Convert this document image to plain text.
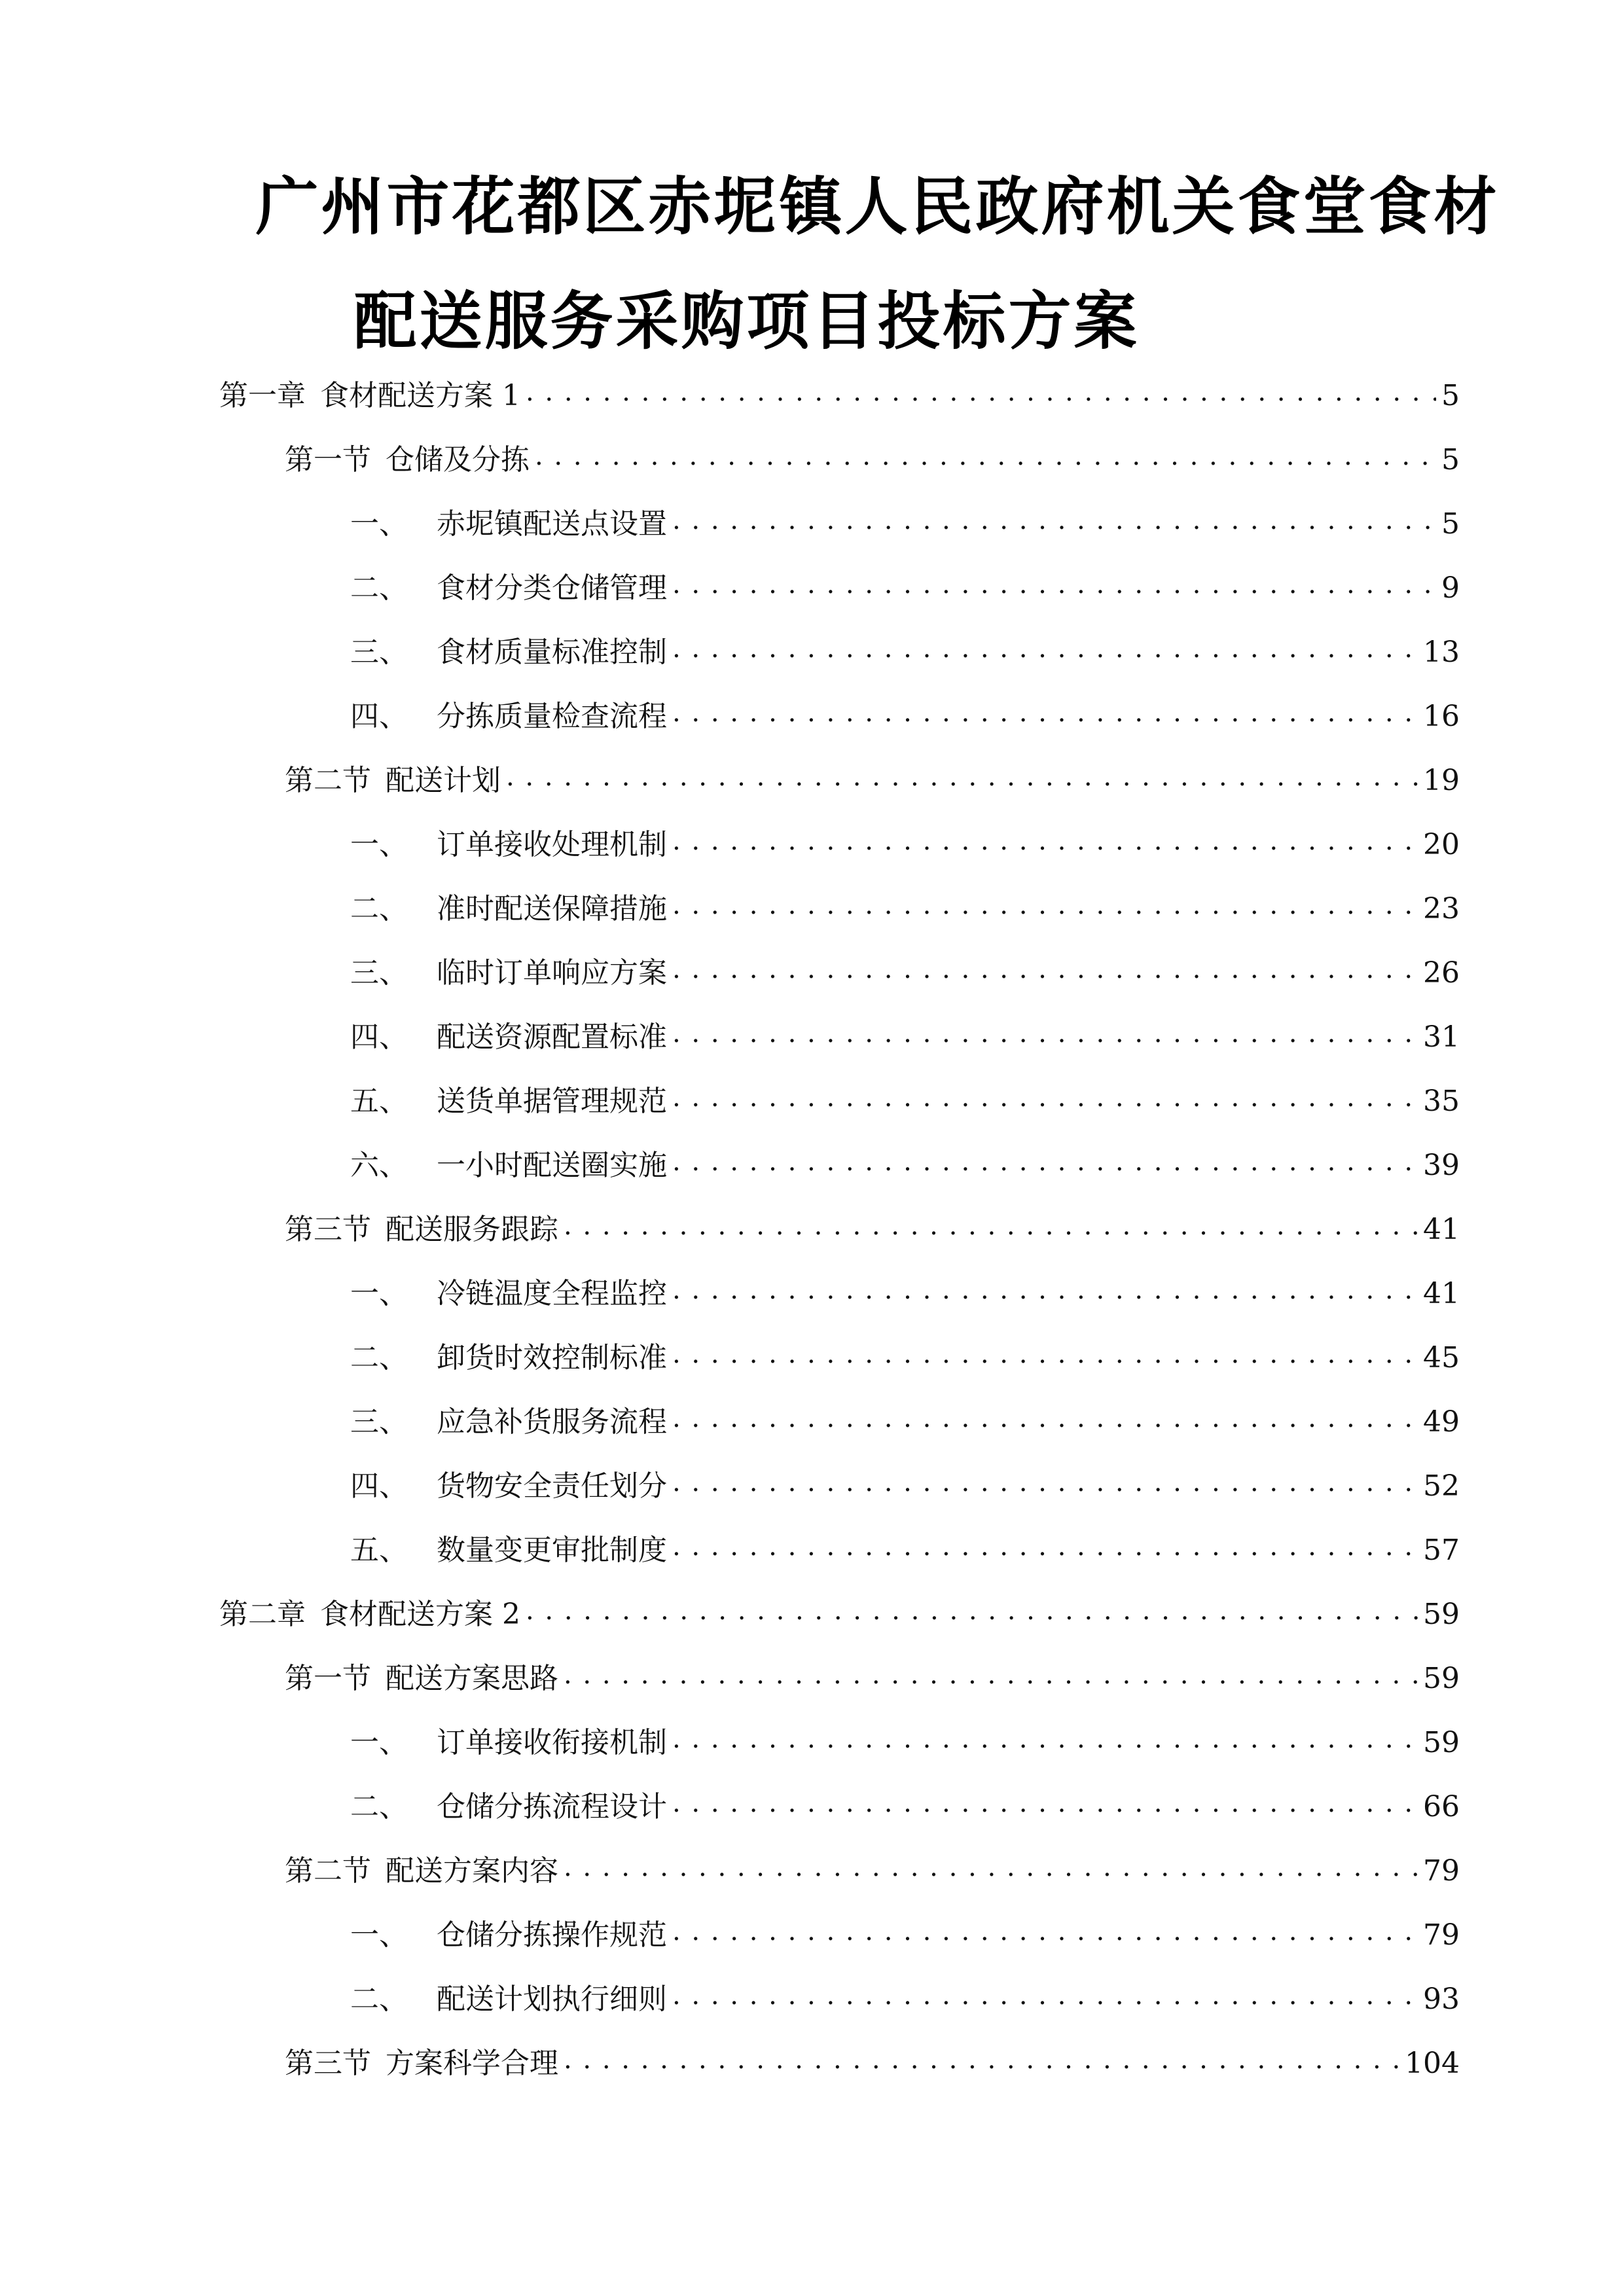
广州市花都区赤坭镇人民政府机关食堂食材
配送服务采购项目投标方案
第一章 食材配送方案 1 . . .	5
第一节 仓储及分拣 . . .	5
一、 赤坭镇配送点设置 . . .	5
二、 食材分类仓储管理 . . .	9
三、 食材质量标准控制 . . .	13
四、 分拣质量检查流程 . . .	16
第二节 配送计划 . . .	19
一、 订单接收处理机制 . . .	20
二、 准时配送保障措施 . . .	23
三、 临时订单响应方案 . . .	26
四、 配送资源配置标准 . . .	31
五、 送货单据管理规范 . . .	35
六、 一小时配送圈实施 . . .	39
第三节 配送服务跟踪 . . .	41
一、 冷链温度全程监控 . . .	41
二、 卸货时效控制标准 . . .	45
三、 应急补货服务流程 . . .	49
四、 货物安全责任划分 . . .	52
五、 数量变更审批制度 . . .	57
第二章 食材配送方案 2 . . .	59
第一节 配送方案思路 . . .	59
一、 订单接收衔接机制 . . .	59
二、 仓储分拣流程设计 . . .	66
第二节 配送方案内容 . . .	79
一、 仓储分拣操作规范 . . .	79
二、 配送计划执行细则 . . .	93
第三节 方案科学合理 . . .	104
